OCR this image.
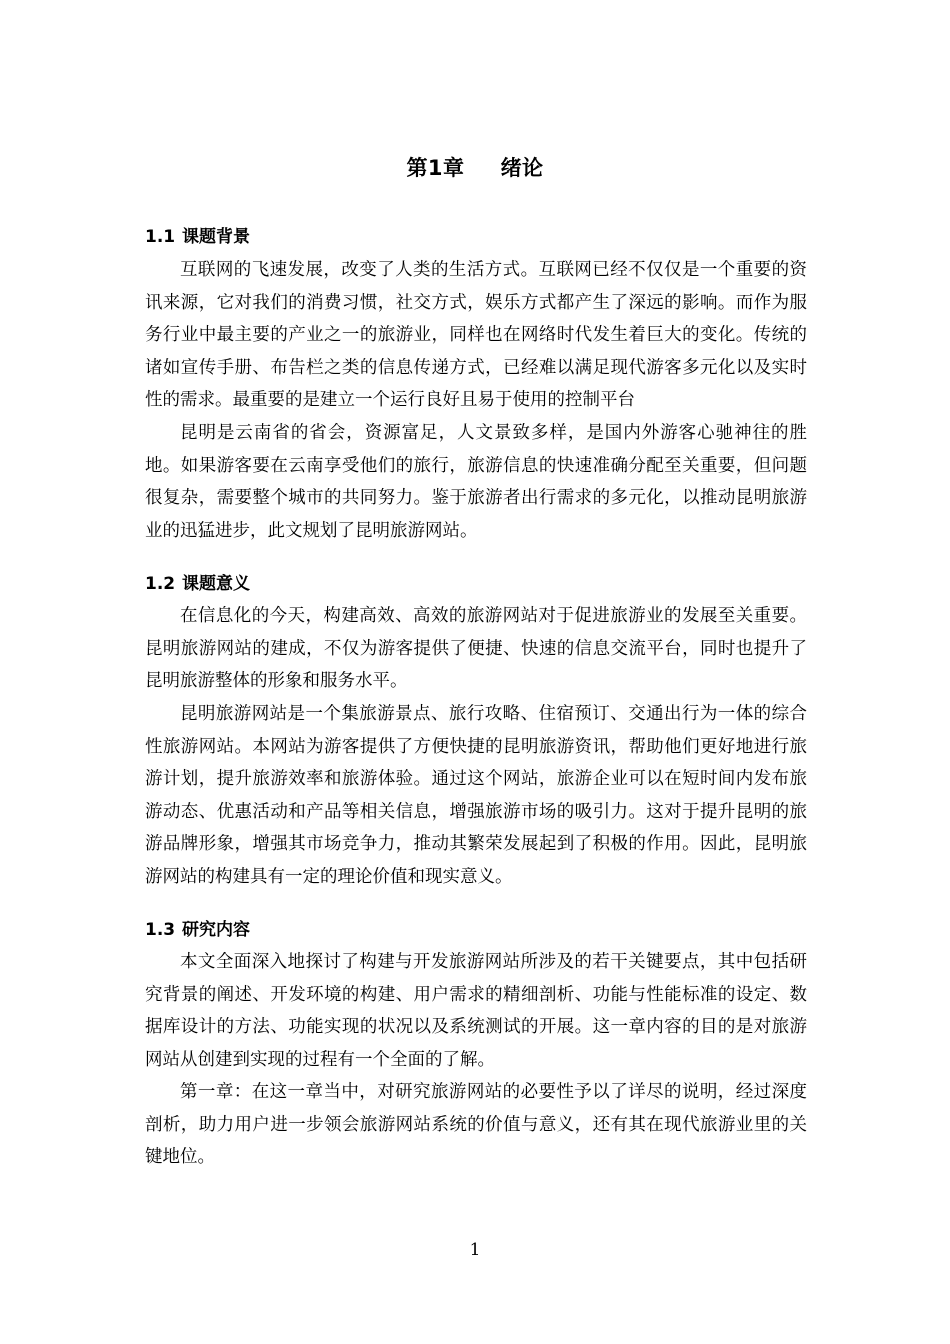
第1章 绪论
1.1 课题背景

互联网的飞速发展，改变了人类的生活方式。互联网已经不仅仅是一个重要的资讯来源，它对我们的消费习惯，社交方式，娱乐方式都产生了深远的影响。而作为服务行业中最主要的产业之一的旅游业，同样也在网络时代发生着巨大的变化。传统的诸如宣传手册、布告栏之类的信息传递方式，已经难以满足现代游客多元化以及实时性的需求。最重要的是建立一个运行良好且易于使用的控制平台

昆明是云南省的省会，资源富足，人文景致多样，是国内外游客心驰神往的胜地。如果游客要在云南享受他们的旅行，旅游信息的快速准确分配至关重要，但问题很复杂，需要整个城市的共同努力。鉴于旅游者出行需求的多元化，以推动昆明旅游业的迅猛进步，此文规划了昆明旅游网站。

1.2 课题意义

在信息化的今天，构建高效、高效的旅游网站对于促进旅游业的发展至关重要。昆明旅游网站的建成，不仅为游客提供了便捷、快速的信息交流平台，同时也提升了昆明旅游整体的形象和服务水平。

昆明旅游网站是一个集旅游景点、旅行攻略、住宿预订、交通出行为一体的综合性旅游网站。本网站为游客提供了方便快捷的昆明旅游资讯，帮助他们更好地进行旅游计划，提升旅游效率和旅游体验。通过这个网站，旅游企业可以在短时间内发布旅游动态、优惠活动和产品等相关信息，增强旅游市场的吸引力。这对于提升昆明的旅游品牌形象，增强其市场竞争力，推动其繁荣发展起到了积极的作用。因此，昆明旅游网站的构建具有一定的理论价值和现实意义。

1.3 研究内容

本文全面深入地探讨了构建与开发旅游网站所涉及的若干关键要点，其中包括研究背景的阐述、开发环境的构建、用户需求的精细剖析、功能与性能标准的设定、数据库设计的方法、功能实现的状况以及系统测试的开展。这一章内容的目的是对旅游网站从创建到实现的过程有一个全面的了解。

第一章：在这一章当中，对研究旅游网站的必要性予以了详尽的说明，经过深度剖析，助力用户进一步领会旅游网站系统的价值与意义，还有其在现代旅游业里的关键地位。

1
